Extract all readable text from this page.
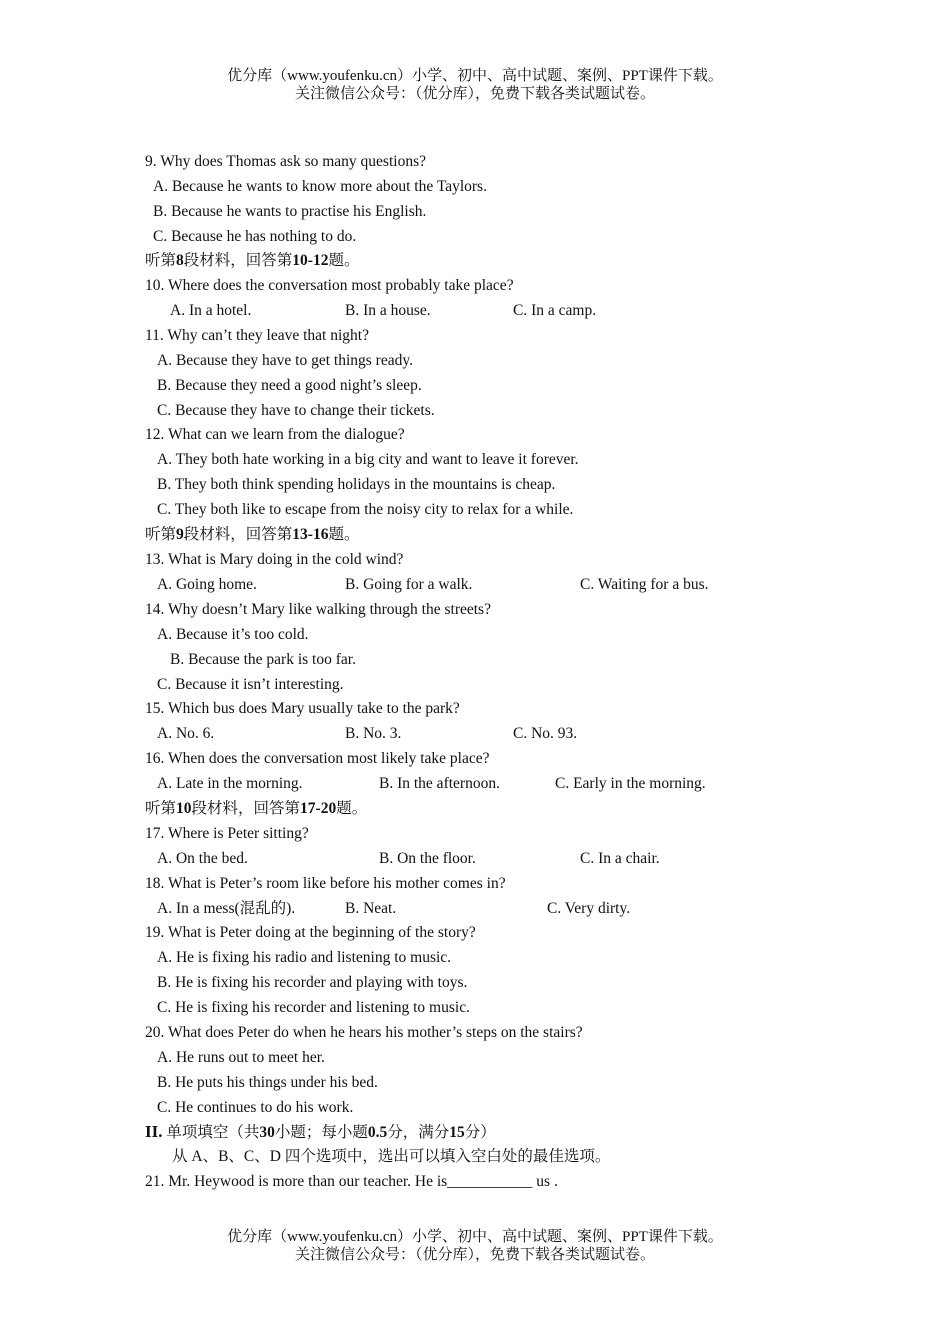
优分库（www.youfenku.cn）小学、初中、高中试题、案例、PPT课件下载。
关注微信公众号：（优分库），免费下载各类试题试卷。
9. Why does Thomas ask so many questions?
A. Because he wants to know more about the Taylors.
B. Because he wants to practise his English.
C. Because he has nothing to do.
听第8段材料，回答第10-12题。
10. Where does the conversation most probably take place?
A. In a hotel.	B. In a house.	C. In a camp.
11. Why can’t they leave that night?
A. Because they have to get things ready.
B. Because they need a good night’s sleep.
C. Because they have to change their tickets.
12. What can we learn from the dialogue?
A. They both hate working in a big city and want to leave it forever.
B. They both think spending holidays in the mountains is cheap.
C. They both like to escape from the noisy city to relax for a while.
听第9段材料，回答第13-16题。
13. What is Mary doing in the cold wind?
A. Going home.	B. Going for a walk.	C. Waiting for a bus.
14. Why doesn’t Mary like walking through the streets?
A. Because it’s too cold.
B. Because the park is too far.
C. Because it isn’t interesting.
15. Which bus does Mary usually take to the park?
A. No. 6.	B. No. 3.	C. No. 93.
16. When does the conversation most likely take place?
A. Late in the morning.	B. In the afternoon.	C. Early in the morning.
听第10段材料，回答第17-20题。
17. Where is Peter sitting?
A. On the bed.	B. On the floor.	C. In a chair.
18. What is Peter’s room like before his mother comes in?
A. In a mess(混乱的).	B. Neat.	C. Very dirty.
19. What is Peter doing at the beginning of the story?
A. He is fixing his radio and listening to music.
B. He is fixing his recorder and playing with toys.
C. He is fixing his recorder and listening to music.
20. What does Peter do when he hears his mother’s steps on the stairs?
A. He runs out to meet her.
B. He puts his things under his bed.
C. He continues to do his work.
II. 单项填空（共30小题；每小题0.5分，满分15分）
从 A、B、C、D 四个选项中，选出可以填入空白处的最佳选项。
21. Mr. Heywood is more than our teacher. He is___________ us .
优分库（www.youfenku.cn）小学、初中、高中试题、案例、PPT课件下载。
关注微信公众号：（优分库），免费下载各类试题试卷。
